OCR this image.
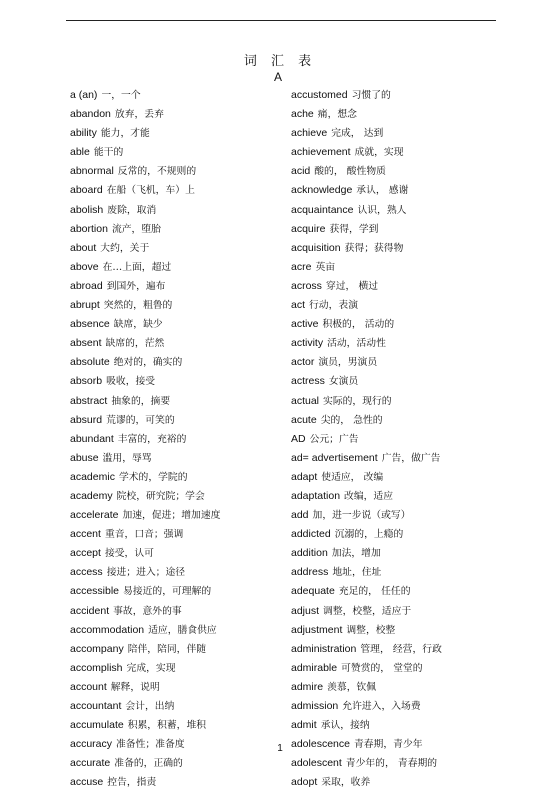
词 汇 表
A
a (an) 一，一个
abandon 放弃，丢弃
ability 能力，才能
able 能干的
abnormal 反常的，不规则的
aboard 在船（飞机，车）上
abolish 废除，取消
abortion 流产，堕胎
about 大约，关于
above 在…上面，超过
abroad 到国外，遍布
abrupt 突然的，粗鲁的
absence 缺席，缺少
absent 缺席的，茫然
absolute 绝对的，确实的
absorb 吸收，接受
abstract 抽象的，摘要
absurd 荒谬的，可笑的
abundant 丰富的，充裕的
abuse 滥用，辱骂
academic 学术的，学院的
academy 院校，研究院；学会
accelerate 加速，促进；增加速度
accent 重音，口音；强调
accept 接受，认可
access 接进；进入；途径
accessible 易接近的，可理解的
accident 事故，意外的事
accommodation 适应，膳食供应
accompany 陪伴，陪同，伴随
accomplish 完成，实现
account 解释，说明
accountant 会计，出纳
accumulate 积累，积蓄，堆积
accuracy 准备性；准备度
accurate 准备的，正确的
accuse 控告，指责
accustomed 习惯了的
ache 痛，想念
achieve 完成， 达到
achievement 成就，实现
acid 酸的， 酸性物质
acknowledge 承认， 感谢
acquaintance 认识，熟人
acquire 获得，学到
acquisition 获得；获得物
acre 英亩
across 穿过， 横过
act 行动，表演
active 积极的， 活动的
activity 活动，活动性
actor 演员，男演员
actress 女演员
actual 实际的，现行的
acute 尖的， 急性的
AD 公元；广告
ad= advertisement 广告，做广告
adapt 使适应， 改编
adaptation 改编，适应
add 加，进一步说（或写）
addicted 沉溺的，上瘾的
addition 加法，增加
address 地址，住址
adequate 充足的， 任任的
adjust 调整，校整，适应于
adjustment 调整，校整
administration 管理， 经营，行政
admirable 可赞赏的， 堂堂的
admire 羡慕，钦佩
admission 允许进入，入场费
admit 承认，接纳
adolescence 青春期，青少年
adolescent 青少年的， 青春期的
adopt 采取，收养
1
